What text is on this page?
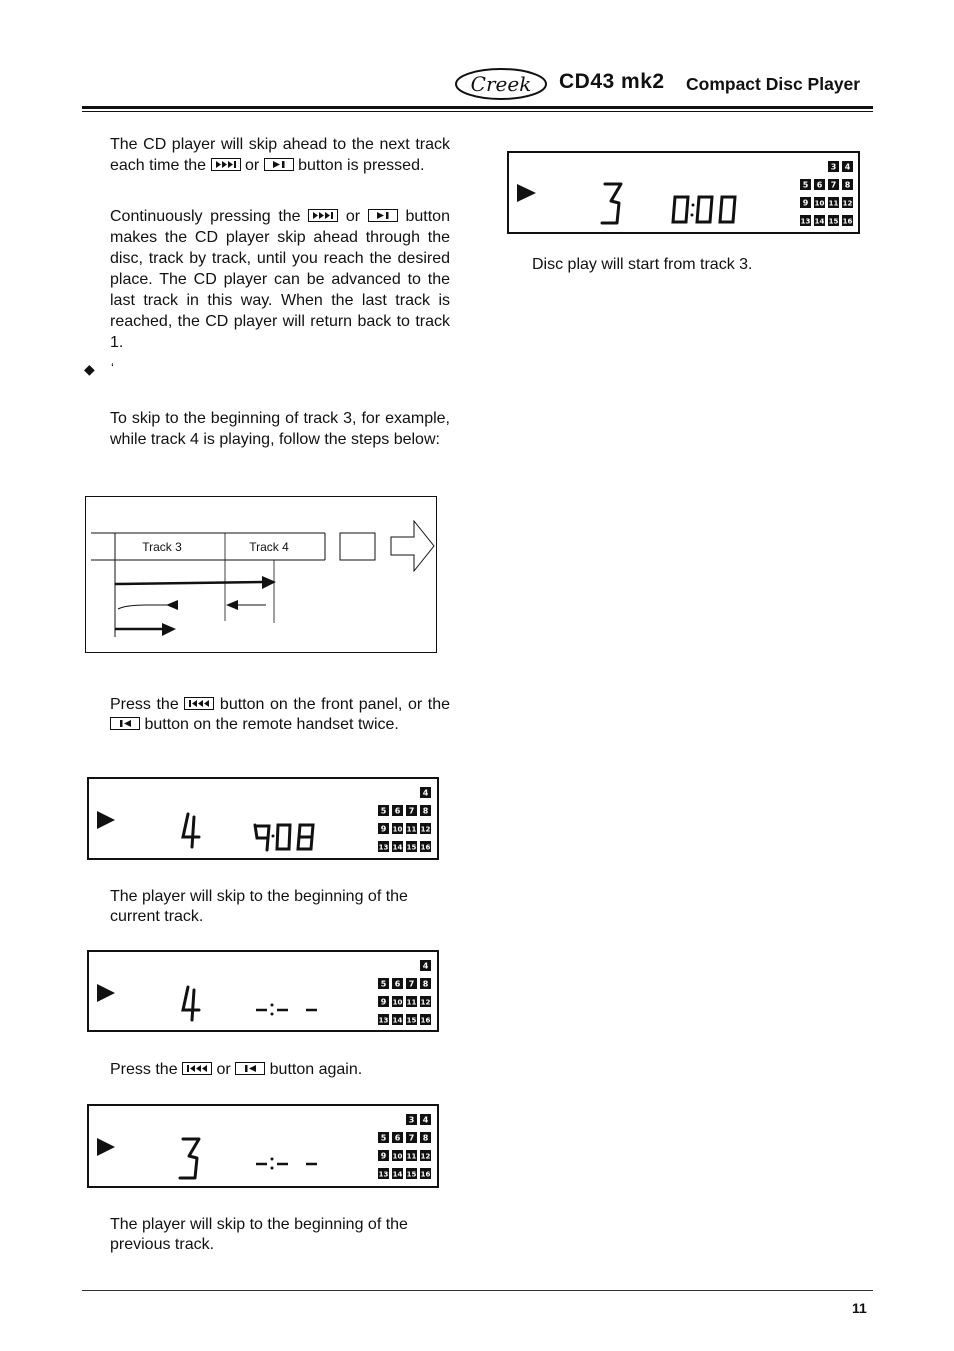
Creek CD43 mk2 Compact Disc Player
The CD player will skip ahead to the next track each time the or button is pressed.
Continuously pressing the	or	button makes the CD player skip ahead through the disc, track by track, until you reach the desired place. The CD player can be advanced to the last track in this way. When the last track is reached, the CD player will return back to track 1.
◆ ‘
To skip to the beginning of track 3, for example, while track 4 is playing, follow the steps below:
Track 3	Track 4
Press the	button on the front panel, or the
button on the remote handset twice.
4
5 6 7 8
9 10 11 12
13 14 15 16
The player will skip to the beginning of the current track.
4
5 6 7 8
9 10 11 12
13 14 15 16
Press the or button again.
3 4
5 6 7 8
9 10 11 12
13 14 15 16
The player will skip to the beginning of the previous track.
3 4
5 6 7 8
9 10 11 12
13 14 15 16
Disc play will start from track 3.
11
